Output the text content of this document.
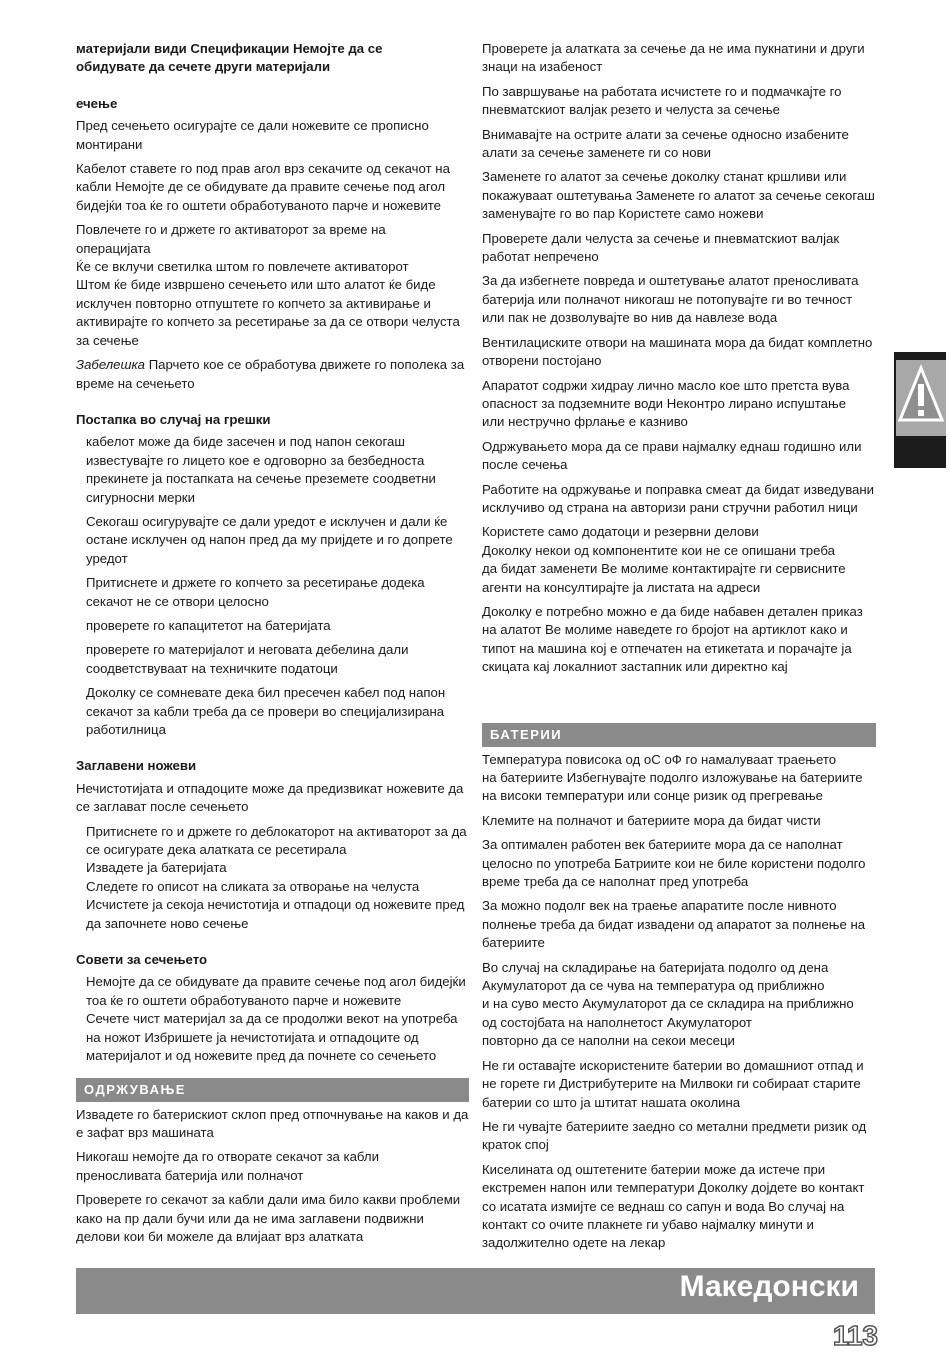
материјали види Спецификации Немојте да се
обидувате да сечете други материјали

ечење

Пред сечењето осигурајте се дали ножевите се прописно
монтирани

Кабелот ставете го под прав агол врз секачите од секачот на
кабли Немојте де се обидувате да правите сечење под агол
бидејќи тоа ќе го оштети обработуваното парче и ножевите

Повлечете го и држете го активаторот за време на
операцијата
Ќе се вклучи светилка штом го повлечете активаторот
Штом ќе биде извршено сечењето или што алатот ќе биде
исклучен повторно отпуштете го копчето за активирање и
активирајте го копчето за ресетирање за да се отвори челуста
за сечење

Забелешка Парчето кое се обработува движете го пополека за
време на сечењето

Постапка во случај на грешки

кабелот може да биде засечен и под напон секогаш
известувајте го лицето кое е одговорно за безбедноста
прекинете ја постапката на сечење преземете соодветни
сигурносни мерки

Секогаш осигурувајте се дали уредот е исклучен и дали ќе
остане исклучен од напон пред да му пријдете и го допрете
уредот

Притиснете и држете го копчето за ресетирање додека
секачот не се отвори целосно

проверете го капацитетот на батеријата

проверете го материјалот и неговата дебелина дали
соодветствуваат на техничките податоци

Доколку се сомневате дека бил пресечен кабел под напон
секачот за кабли треба да се провери во специјализирана
работилница

Заглавени ножеви

Нечистотијата и отпадоците може да предизвикат ножевите да
се заглават после сечењето

Притиснете го и држете го деблокаторот на активаторот за да
се осигурате дека алатката се ресетирала
Извадете ја батеријата
Следете го описот на сликата за отворање на челуста
Исчистете ја секоја нечистотија и отпадоци од ножевите пред
да започнете ново сечење

Совети за сечењето

Немојте да се обидувате да правите сечење под агол бидејќи
тоа ќе го оштети обработуваното парче и ножевите
Сечете чист материјал за да се продолжи векот на употреба
на ножот Избришете ја нечистотијата и отпадоците од
материјалот и од ножевите пред да почнете со сечењето

ОДРЖУВАЊЕ

Извадете го батерискиот склоп пред отпочнување на каков и да
е зафат врз машината

Никогаш немојте да го отворате секачот за кабли
преносливата батерија или полначот

Проверете го секачот за кабли дали има било какви проблеми
како на пр дали бучи или да не има заглавени подвижни
делови кои би можеле да влијаат врз алатката

Проверете ја алатката за сечење да не има пукнатини и други
знаци на изабеност

По завршување на работата исчистете го и подмачкајте го
пневматскиот валјак резето и челуста за сечење

Внимавајте на острите алати за сечење односно изабените
алати за сечење заменете ги со нови

Заменете го алатот за сечење доколку станат кршливи или
покажуваат оштетувања Заменете го алатот за сечење секогаш
заменувајте го во пар Користете само ножеви

Проверете дали челуста за сечење и пневматскиот валјак
работат непречено

За да избегнете повреда и оштетување алатот преносливата
батерија или полначот никогаш не потопувајте ги во течност
или пак не дозволувајте во нив да навлезе вода

Вентилациските отвори на машината мора да бидат комплетно
отворени постојано

Апаратот содржи хидрау лично масло кое што претста вува
опасност за подземните води Неконтро лирано испуштање
или нестручно фрлање е казниво

Одржувањето мора да се прави најмалку еднаш годишно или
после сечења

Работите на одржување и поправка смеат да бидат изведувани
исклучиво од страна на авторизи рани стручни работил ници

Користете само додатоци и резервни делови
Доколку некои од компонентите кои не се опишани треба
да бидат заменети Ве молиме контактирајте ги сервисните
агенти на консултирајте ја листата на адреси

Доколку е потребно можно е да биде набавен детален приказ
на алатот Ве молиме наведете го бројот на артиклот како и
типот на машина кој е отпечатен на етикетата и порачајте ја
скицата кај локалниот застапник или директно кај

БАТЕРИИ

Температура повисока од оС оФ го намалуваат траењето
на батериите Избегнувајте подолго изложување на батериите
на високи температури или сонце ризик од прегревање

Клемите на полначот и батериите мора да бидат чисти

За оптимален работен век батериите мора да се наполнат
целосно по употреба Батриите кои не биле користени подолго
време треба да се наполнат пред употреба

За можно подолг век на траење апаратите после нивното
полнење треба да бидат извадени од апаратот за полнење на
батериите

Во случај на складирање на батеријата подолго од дена
Акумулаторот да се чува на температура од приближно
и на суво место Акумулаторот да се складира на приближно
од состојбата на наполнетост Акумулаторот
повторно да се наполни на секои месеци

Не ги оставајте искористените батерии во домашниот отпад и
не горете ги Дистрибутерите на Милвоки ги собираат старите
батерии со што ја штитат нашата околина

Не ги чувајте батериите заедно со метални предмети ризик од
краток спој

Киселината од оштетените батерии може да истече при
екстремен напон или температури Доколку дојдете во контакт
со исатата измијте се веднаш со сапун и вода Во случај на
контакт со очите плакнете ги убаво најмалку минути и
задолжително одете на лекар

Македонски
113
